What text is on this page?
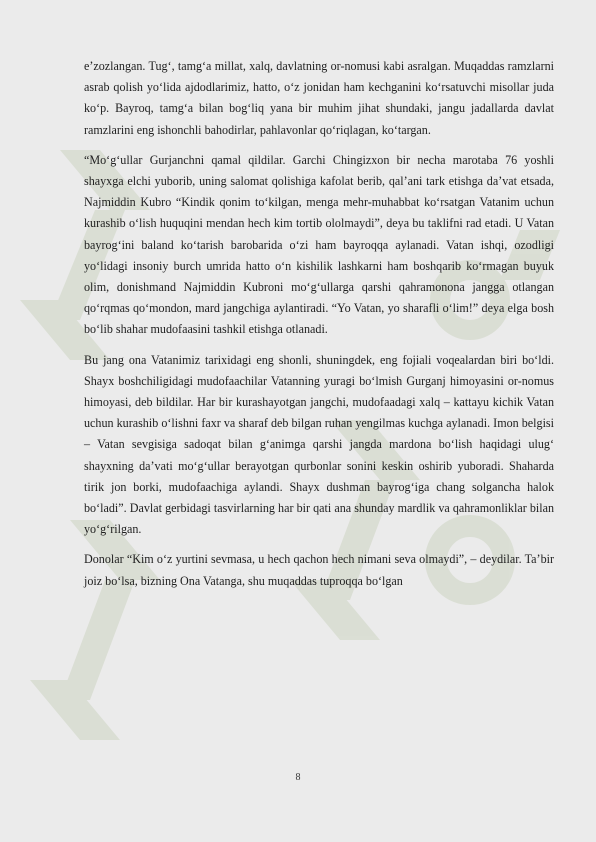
e’zozlangan. Tug‘, tamg‘a millat, xalq, davlatning or-nomusi kabi asralgan. Muqaddas ramzlarni asrab qolish yo‘lida ajdodlarimiz, hatto, o‘z jonidan ham kechganini ko‘rsatuvchi misollar juda ko‘p. Bayroq, tamg‘a bilan bog‘liq yana bir muhim jihat shundaki, jangu jadallarda davlat ramzlarini eng ishonchli bahodirlar, pahlavonlar qo‘riqlagan, ko‘targan.

“Mo‘g‘ullar Gurjanchni qamal qildilar. Garchi Chingizxon bir necha marotaba 76 yoshli shayxga elchi yuborib, uning salomat qolishiga kafolat berib, qal’ani tark etishga da’vat etsada, Najmiddin Kubro “Kindik qonim to‘kilgan, menga mehr-muhabbat ko‘rsatgan Vatanim uchun kurashib o‘lish huquqini mendan hech kim tortib ololmaydi”, deya bu taklifni rad etadi. U Vatan bayrog‘ini baland ko‘tarish barobarida o‘zi ham bayroqqa aylanadi. Vatan ishqi, ozodligi yo‘lidagi insoniy burch umrida hatto o‘n kishilik lashkarni ham boshqarib ko‘rmagan buyuk olim, donishmand Najmiddin Kubroni mo‘g‘ullarga qarshi qahramonona jangga otlangan qo‘rqmas qo‘mondon, mard jangchiga aylantiradi. “Yo Vatan, yo sharafli o‘lim!” deya elga bosh bo‘lib shahar mudofaasini tashkil etishga otlanadi.

Bu jang ona Vatanimiz tarixidagi eng shonli, shuningdek, eng fojiali voqealardan biri bo‘ldi. Shayx boshchiligidagi mudofaachilar Vatanning yuragi bo‘lmish Gurganj himoyasini or-nomus himoyasi, deb bildilar. Har bir kurashayotgan jangchi, mudofaadagi xalq – kattayu kichik Vatan uchun kurashib o‘lishni faxr va sharaf deb bilgan ruhan yengilmas kuchga aylanadi. Imon belgisi – Vatan sevgisiga sadoqat bilan g‘animga qarshi jangda mardona bo‘lish haqidagi ulug‘ shayxning da’vati mo‘g‘ullar berayotgan qurbonlar sonini keskin oshirib yuboradi. Shaharda tirik jon borki, mudofaachiga aylandi. Shayx dushman bayrog‘iga chang solgancha halok bo‘ladi”. Davlat gerbidagi tasvirlarning har bir qati ana shunday mardlik va qahramonliklar bilan yo‘g‘rilgan.

Donolar “Kim o‘z yurtini sevmasa, u hech qachon hech nimani seva olmaydi”, – deydilar. Ta’bir joiz bo‘lsa, bizning Ona Vatanga, shu muqaddas tuproqqa bo‘lgan

8
